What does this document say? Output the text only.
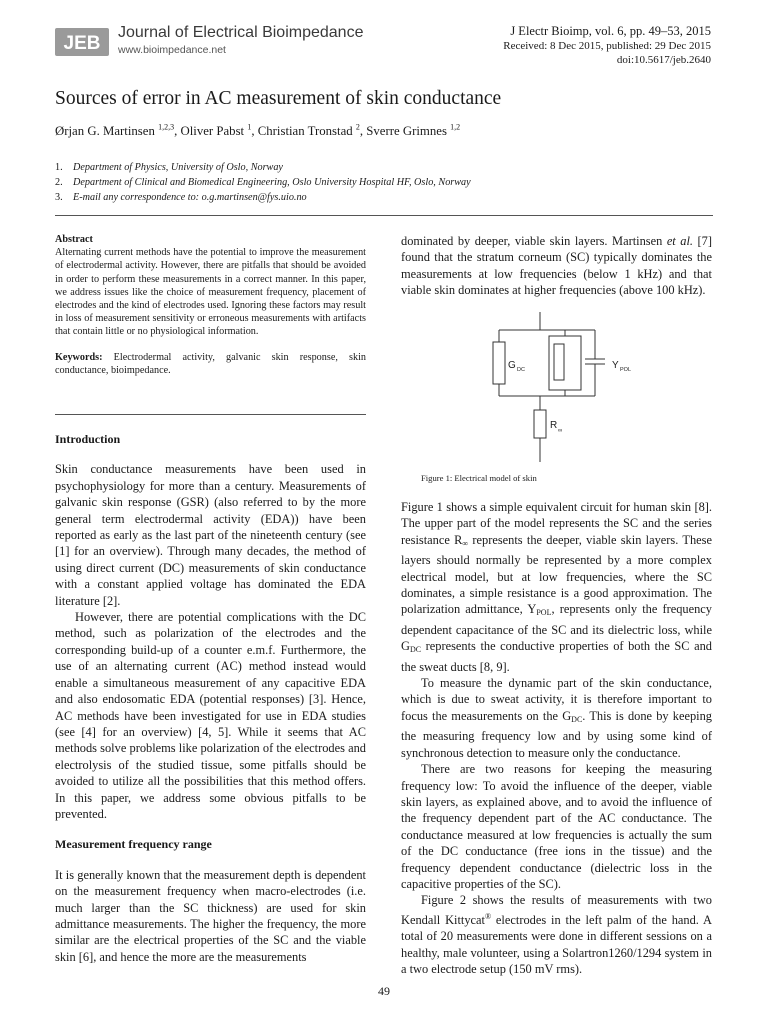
JEB
Journal of Electrical Bioimpedance
www.bioimpedance.net
J Electr Bioimp, vol. 6, pp. 49–53, 2015
Received: 8 Dec 2015, published: 29 Dec 2015
doi:10.5617/jeb.2640
Sources of error in AC measurement of skin conductance
Ørjan G. Martinsen $^{1,2,3}$, Oliver Pabst $^1$, Christian Tronstad $^2$, Sverre Grimnes $^{1,2}$
1. Department of Physics, University of Oslo, Norway
2. Department of Clinical and Biomedical Engineering, Oslo University Hospital HF, Oslo, Norway
3. E-mail any correspondence to: o.g.martinsen@fys.uio.no

Abstract

Alternating current methods have the potential to improve the measurement of electrodermal activity. However, there are pitfalls that should be avoided in order to perform these measurements in a correct manner. In this paper, we address issues like the choice of measurement frequency, placement of electrodes and the kind of electrodes used. Ignoring these factors may result in loss of measurement sensitivity or erroneous measurements with artifacts that contain little or no physiological information.

Keywords: Electrodermal activity, galvanic skin response, skin conductance, bioimpedance.

Introduction

Skin conductance measurements have been used in psychophysiology for more than a century. Measurements of galvanic skin response (GSR) (also referred to by the more general term electrodermal activity (EDA)) have been reported as early as the last part of the nineteenth century (see [1] for an overview). Through many decades, the method of using direct current (DC) measurements of skin conductance with a constant applied voltage has dominated the EDA literature [2].

However, there are potential complications with the DC method, such as polarization of the electrodes and the corresponding build-up of a counter e.m.f. Furthermore, the use of an alternating current (AC) method instead would enable a simultaneous measurement of any capacitive EDA and also endosomatic EDA (potential responses) [3]. Hence, AC methods have been investigated for use in EDA studies (see [4] for an overview) [4, 5]. While it seems that AC methods solve problems like polarization of the electrodes and electrolysis of the studied tissue, some pitfalls should be avoided to utilize all the possibilities that this method offers. In this paper, we address some obvious pitfalls to be prevented.

Measurement frequency range

It is generally known that the measurement depth is dependent on the measurement frequency when macro-electrodes (i.e. much larger than the SC thickness) are used for skin admittance measurements. The higher the frequency, the more similar are the electrical properties of the SC and the viable skin [6], and hence the more are the measurements

dominated by deeper, viable skin layers. Martinsen et al. [7] found that the stratum corneum (SC) typically dominates the measurements at low frequencies (below 1 kHz) and that viable skin dominates at higher frequencies (above 100 kHz).

G DC	Y POL
R ∞
Figure 1: Electrical model of skin

Figure 1 shows a simple equivalent circuit for human skin [8]. The upper part of the model represents the SC and the series resistance $R_\infty$ represents the deeper, viable skin layers. These layers should normally be represented by a more complex electrical model, but at low frequencies, where the SC dominates, a simple resistance is a good approximation. The polarization admittance, $Y_{POL}$, represents only the frequency dependent capacitance of the SC and its dielectric loss, while $G_{DC}$ represents the conductive properties of both the SC and the sweat ducts [8, 9].

To measure the dynamic part of the skin conductance, which is due to sweat activity, it is therefore important to focus the measurements on the $G_{DC}$. This is done by keeping the measuring frequency low and by using some kind of synchronous detection to measure only the conductance.

There are two reasons for keeping the measuring frequency low: To avoid the influence of the deeper, viable skin layers, as explained above, and to avoid the influence of the frequency dependent part of the AC conductance. The conductance measured at low frequencies is actually the sum of the DC conductance (free ions in the tissue) and the frequency dependent conductance (dielectric loss in the capacitive properties of the SC).

Figure 2 shows the results of measurements with two Kendall Kittycat® electrodes in the left palm of the hand. A total of 20 measurements were done in different sessions on a healthy, male volunteer, using a Solartron1260/1294 system in a two electrode setup (150 mV rms).

49
